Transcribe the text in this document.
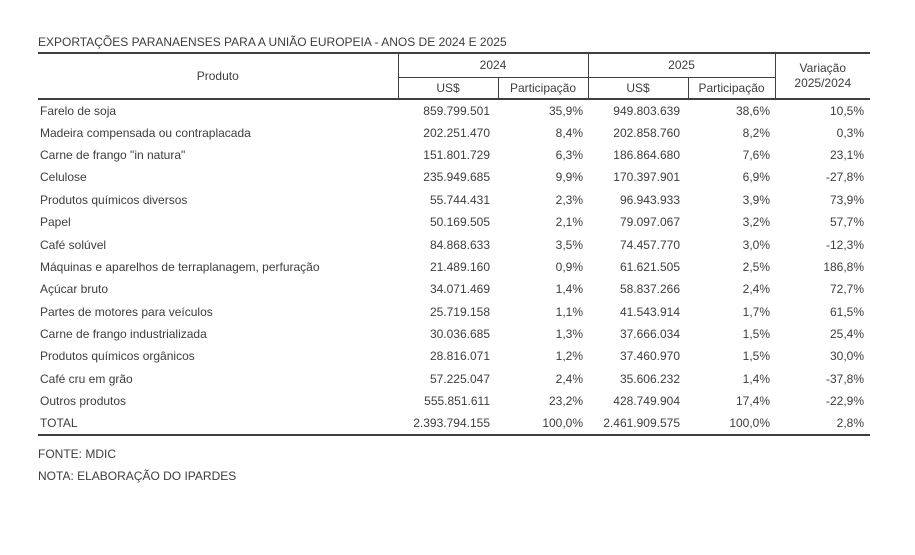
EXPORTAÇÕES PARANAENSES PARA A UNIÃO EUROPEIA - ANOS DE 2024 E 2025
Produto	2024		2025		Variação
2025/2024

	US$	Participação	US$	Participação	
Farelo de soja	859.799.501	35,9%	949.803.639	38,6%	10,5%
Madeira compensada ou contraplacada	202.251.470	8,4%	202.858.760	8,2%	0,3%
Carne de frango "in natura"	151.801.729	6,3%	186.864.680	7,6%	23,1%
Celulose	235.949.685	9,9%	170.397.901	6,9%	-27,8%
Produtos químicos diversos	55.744.431	2,3%	96.943.933	3,9%	73,9%
Papel	50.169.505	2,1%	79.097.067	3,2%	57,7%
Café solúvel	84.868.633	3,5%	74.457.770	3,0%	-12,3%
Máquinas e aparelhos de terraplanagem, perfuração	21.489.160	0,9%	61.621.505	2,5%	186,8%
Açúcar bruto	34.071.469	1,4%	58.837.266	2,4%	72,7%
Partes de motores para veículos	25.719.158	1,1%	41.543.914	1,7%	61,5%
Carne de frango industrializada	30.036.685	1,3%	37.666.034	1,5%	25,4%
Produtos químicos orgânicos	28.816.071	1,2%	37.460.970	1,5%	30,0%
Café cru em grão	57.225.047	2,4%	35.606.232	1,4%	-37,8%
Outros produtos	555.851.611	23,2%	428.749.904	17,4%	-22,9%
TOTAL	2.393.794.155	100,0%	2.461.909.575	100,0%	2,8%
FONTE: MDIC
NOTA: ELABORAÇÃO DO IPARDES
